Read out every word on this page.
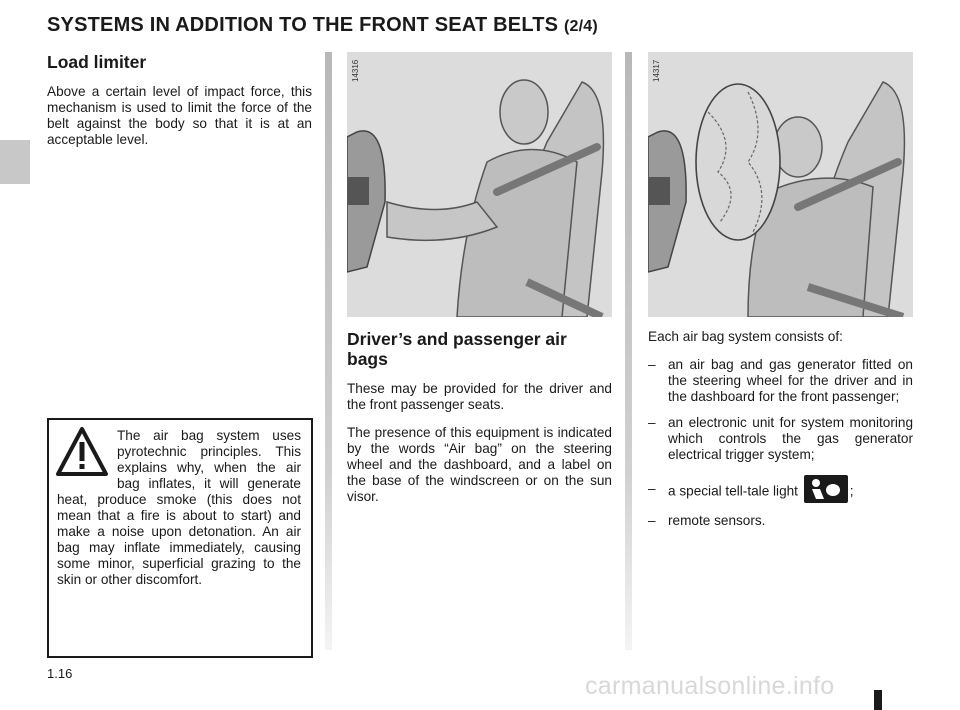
SYSTEMS IN ADDITION TO THE FRONT SEAT BELTS (2/4)
Load limiter

Above a certain level of impact force, this mechanism is used to limit the force of the belt against the body so that it is at an acceptable level.

The air bag system uses pyrotechnic principles. This explains why, when the air bag inflates, it will generate heat, produce smoke (this does not mean that a fire is about to start) and make a noise upon detonation. An air bag may inflate immediately, causing some minor, superficial grazing to the skin or other discomfort.

14316
Driver’s and passenger air bags

These may be provided for the driver and the front passenger seats.

The presence of this equipment is indicated by the words “Air bag” on the steering wheel and the dashboard, and a label on the base of the windscreen or on the sun visor.

14317

Each air bag system consists of:

– an air bag and gas generator fitted on the steering wheel for the driver and in the dashboard for the front passenger;
– an electronic unit for system monitoring which controls the gas generator electrical trigger system;
– a special tell-tale light	;
– remote sensors.
1.16	carmanualsonline.info
